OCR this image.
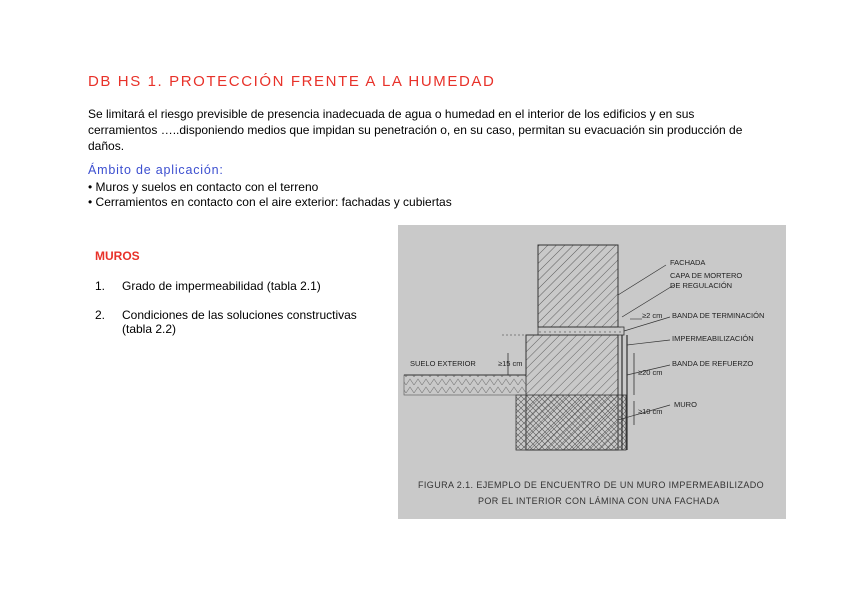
DB HS 1. PROTECCIÓN FRENTE A LA HUMEDAD

Se limitará el riesgo previsible de presencia inadecuada de agua o humedad en el interior de los edificios y en sus cerramientos …..disponiendo medios que impidan su penetración o, en su caso, permitan su evacuación sin producción de daños.

Ámbito de aplicación:
• Muros y suelos en contacto con el terreno
• Cerramientos en contacto con el aire exterior: fachadas y cubiertas
MUROS
1.	Grado de impermeabilidad (tabla 2.1)
2.	Condiciones de las soluciones constructivas (tabla 2.2)
FACHADA
CAPA DE MORTERO
DE REGULACIÓN
≥2 cm BANDA DE TERMINACIÓN
IMPERMEABILIZACIÓN
SUELO EXTERIOR	≥15 cm	BANDA DE REFUERZO
≥20 cm
≥10 cm
MURO
FIGURA 2.1. EJEMPLO DE ENCUENTRO DE UN MURO IMPERMEABILIZADO
POR EL INTERIOR CON LÁMINA CON UNA FACHADA
